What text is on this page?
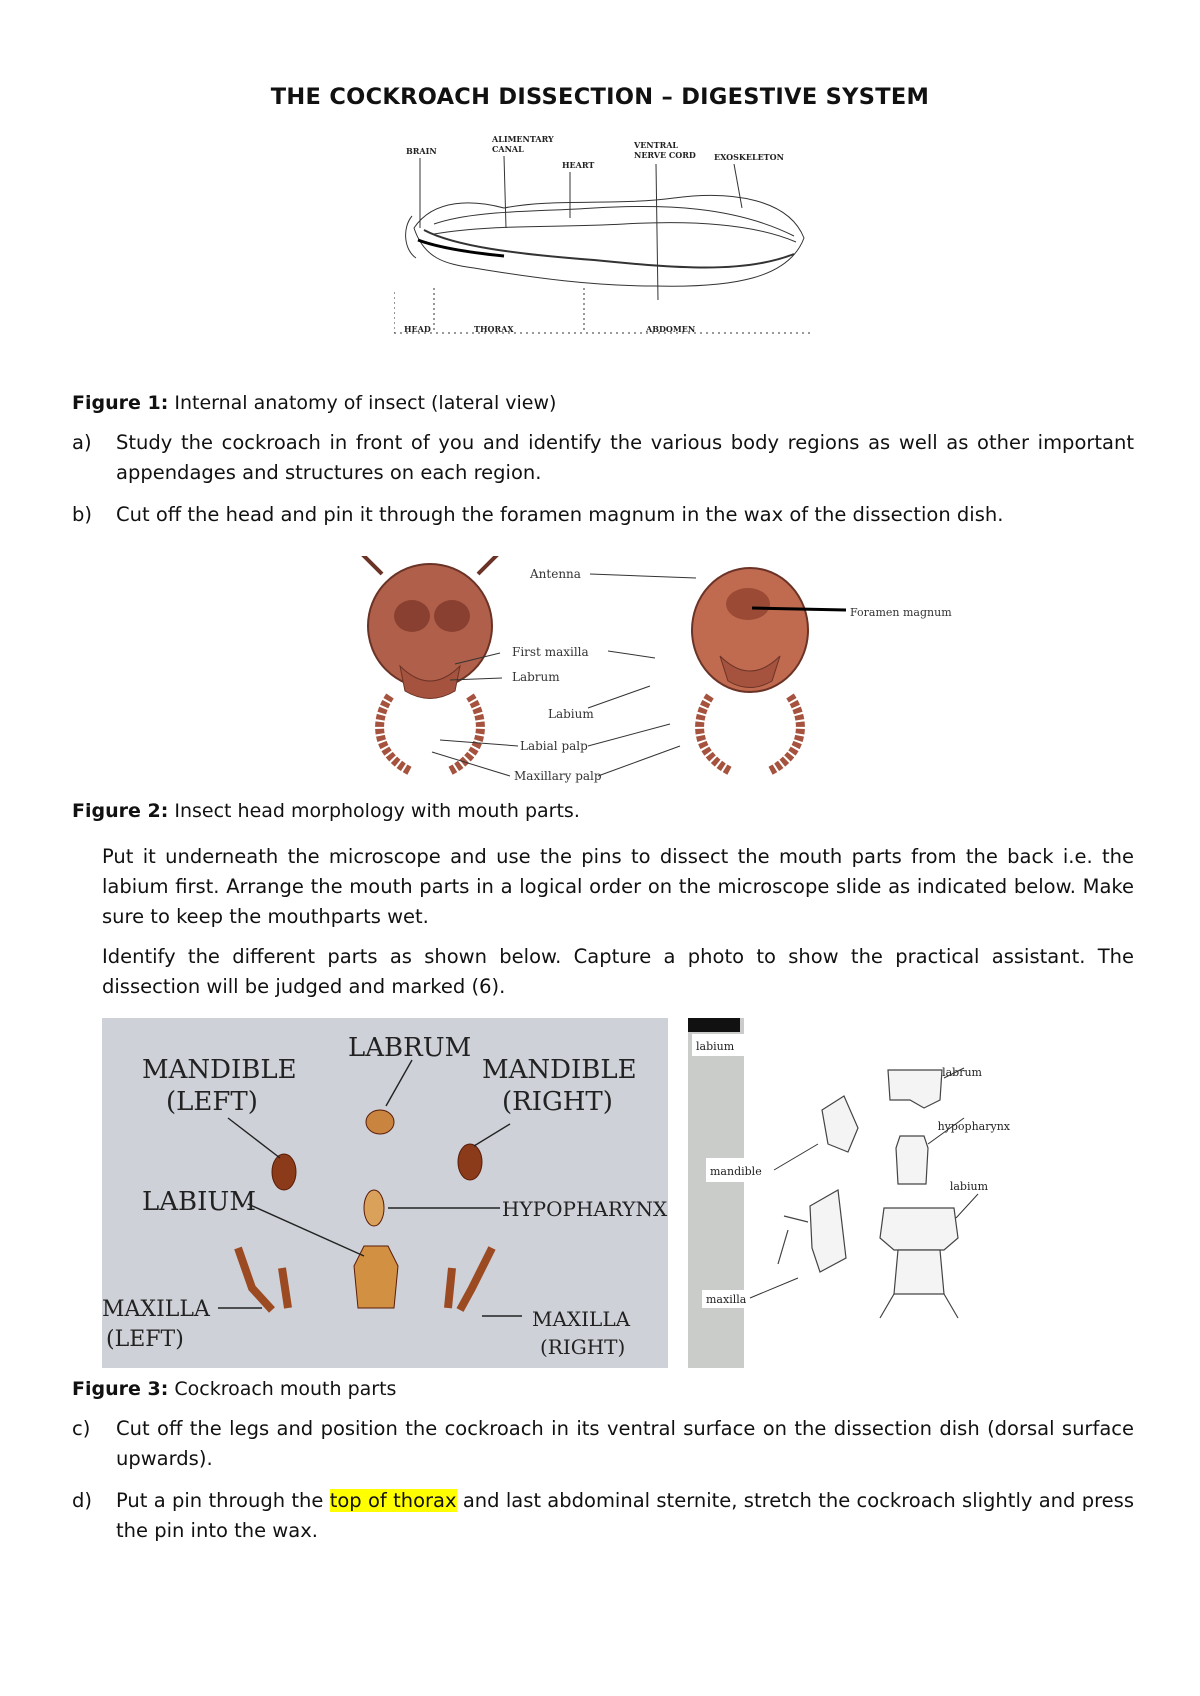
THE COCKROACH DISSECTION – DIGESTIVE SYSTEM
BRAIN
ALIMENTARY
CANAL
HEART
VENTRAL
NERVE CORD EXOSKELETON
HEAD	THORAX	ABDOMEN
Figure 1: Internal anatomy of insect (lateral view)
a) Study the cockroach in front of you and identify the various body regions as well as other important appendages and structures on each region.
b) Cut off the head and pin it through the foramen magnum in the wax of the dissection dish.
Antenna
Foramen magnum
First maxilla
Labrum
Labium
Labial palp
Maxillary palp
Figure 2: Insect head morphology with mouth parts.
Put it underneath the microscope and use the pins to dissect the mouth parts from the back i.e. the labium first. Arrange the mouth parts in a logical order on the microscope slide as indicated below. Make sure to keep the mouthparts wet.
Identify the different parts as shown below. Capture a photo to show the practical assistant. The dissection will be judged and marked (6).
MANDIBLE
(LEFT)
LABRUM
MANDIBLE
(RIGHT)
LABIUM	HYPOPHARYNX
MAXILLA
(LEFT)
MAXILLA
(RIGHT)
labium
labrum
hypopharynx
mandible
labium
maxilla
Figure 3: Cockroach mouth parts
c) Cut off the legs and position the cockroach in its ventral surface on the dissection dish (dorsal surface upwards).
d) Put a pin through the top of thorax and last abdominal sternite, stretch the cockroach slightly and press the pin into the wax.
